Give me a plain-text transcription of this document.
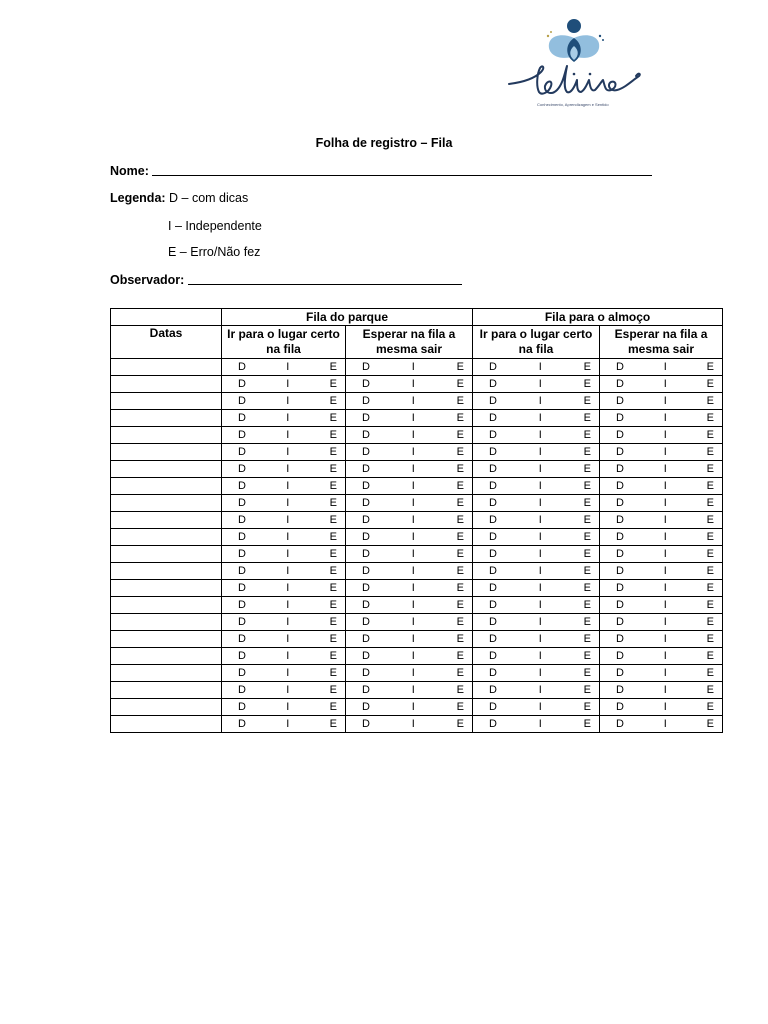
Conhecimento, Aprendizagem e Sentido
Folha de registro – Fila
Nome:
Legenda: D – com dicas
I – Independente
E – Erro/Não fez
Observador:
	Fila do parque		Fila para o almoço	
Datas	Ir para o lugar certo na fila	Esperar na fila a mesma sair	Ir para o lugar certo na fila	Esperar na fila a mesma sair

	D I E	D I E	D I E	D I E

	D I E	D I E	D I E	D I E

	D I E	D I E	D I E	D I E

	D I E	D I E	D I E	D I E

	D I E	D I E	D I E	D I E

	D I E	D I E	D I E	D I E

	D I E	D I E	D I E	D I E

	D I E	D I E	D I E	D I E

	D I E	D I E	D I E	D I E

	D I E	D I E	D I E	D I E

	D I E	D I E	D I E	D I E

	D I E	D I E	D I E	D I E

	D I E	D I E	D I E	D I E

	D I E	D I E	D I E	D I E

	D I E	D I E	D I E	D I E

	D I E	D I E	D I E	D I E

	D I E	D I E	D I E	D I E

	D I E	D I E	D I E	D I E

	D I E	D I E	D I E	D I E

	D I E	D I E	D I E	D I E

	D I E	D I E	D I E	D I E

	D I E	D I E	D I E	D I E
